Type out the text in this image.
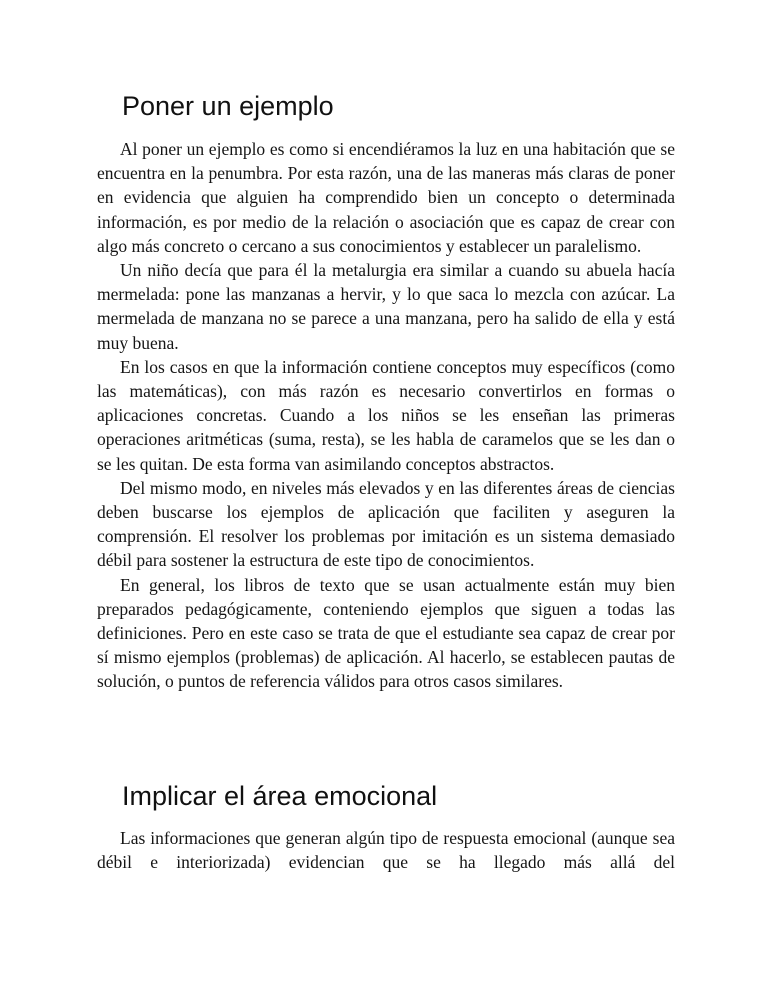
Poner un ejemplo

Al poner un ejemplo es como si encendiéramos la luz en una habitación que se encuentra en la penumbra. Por esta razón, una de las maneras más claras de poner en evidencia que alguien ha comprendido bien un concepto o determinada información, es por medio de la relación o asociación que es capaz de crear con algo más concreto o cercano a sus conocimientos y establecer un paralelismo.

Un niño decía que para él la metalurgia era similar a cuando su abuela hacía mermelada: pone las manzanas a hervir, y lo que saca lo mezcla con azúcar. La mermelada de manzana no se parece a una manzana, pero ha salido de ella y está muy buena.

En los casos en que la información contiene conceptos muy específicos (como las matemáticas), con más razón es necesario convertirlos en formas o aplicaciones concretas. Cuando a los niños se les enseñan las primeras operaciones aritméticas (suma, resta), se les habla de caramelos que se les dan o se les quitan. De esta forma van asimilando conceptos abstractos.

Del mismo modo, en niveles más elevados y en las diferentes áreas de ciencias deben buscarse los ejemplos de aplicación que faciliten y aseguren la comprensión. El resolver los problemas por imitación es un sistema demasiado débil para sostener la estructura de este tipo de conocimientos.

En general, los libros de texto que se usan actualmente están muy bien preparados pedagógicamente, conteniendo ejemplos que siguen a todas las definiciones. Pero en este caso se trata de que el estudiante sea capaz de crear por sí mismo ejemplos (problemas) de aplicación. Al hacerlo, se establecen pautas de solución, o puntos de referencia válidos para otros casos similares.

Implicar el área emocional

Las informaciones que generan algún tipo de respuesta emocional (aunque sea débil e interiorizada) evidencian que se ha llegado más allá del
